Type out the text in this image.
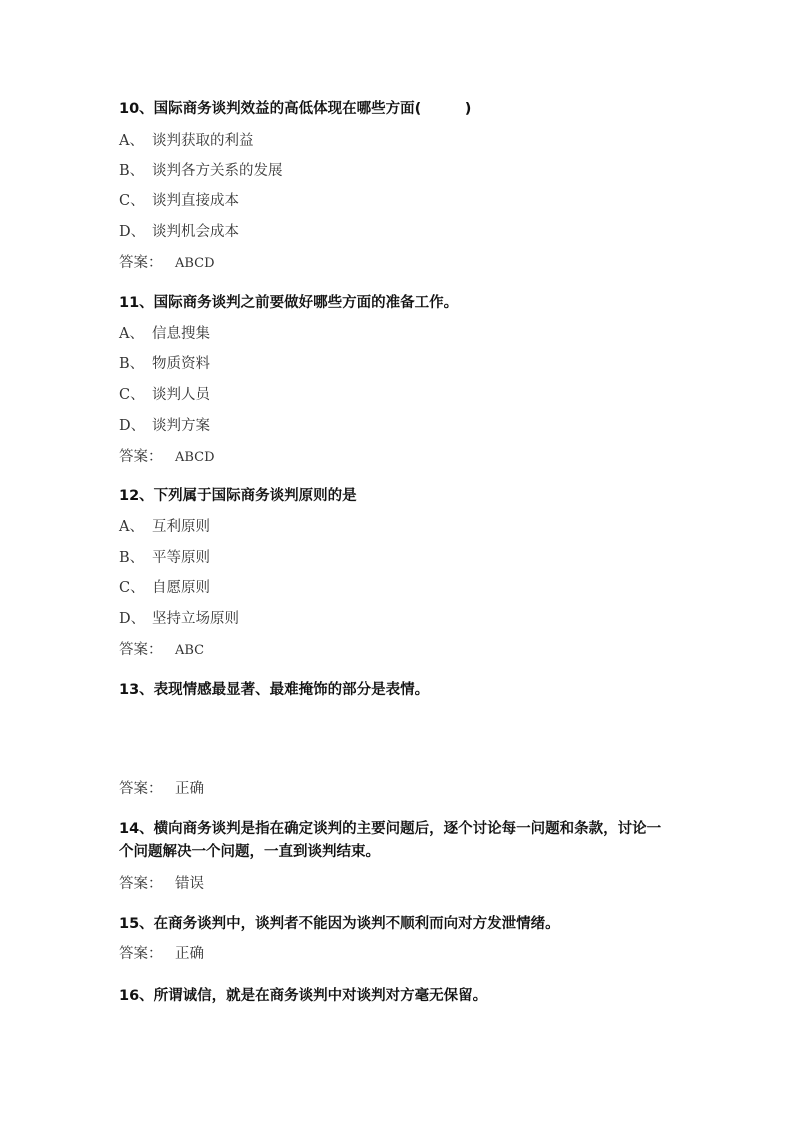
10、国际商务谈判效益的高低体现在哪些方面(　　　)
A、 谈判获取的利益
B、 谈判各方关系的发展
C、 谈判直接成本
D、 谈判机会成本
答案： ABCD
11、国际商务谈判之前要做好哪些方面的准备工作。
A、 信息搜集
B、 物质资料
C、 谈判人员
D、 谈判方案
答案： ABCD
12、下列属于国际商务谈判原则的是
A、 互利原则
B、 平等原则
C、 自愿原则
D、 坚持立场原则
答案： ABC
13、表现情感最显著、最难掩饰的部分是表情。
答案： 正确
14、横向商务谈判是指在确定谈判的主要问题后，逐个讨论每一问题和条款，讨论一个问题解决一个问题，一直到谈判结束。
答案： 错误
15、在商务谈判中，谈判者不能因为谈判不顺利而向对方发泄情绪。
答案： 正确
16、所谓诚信，就是在商务谈判中对谈判对方毫无保留。
